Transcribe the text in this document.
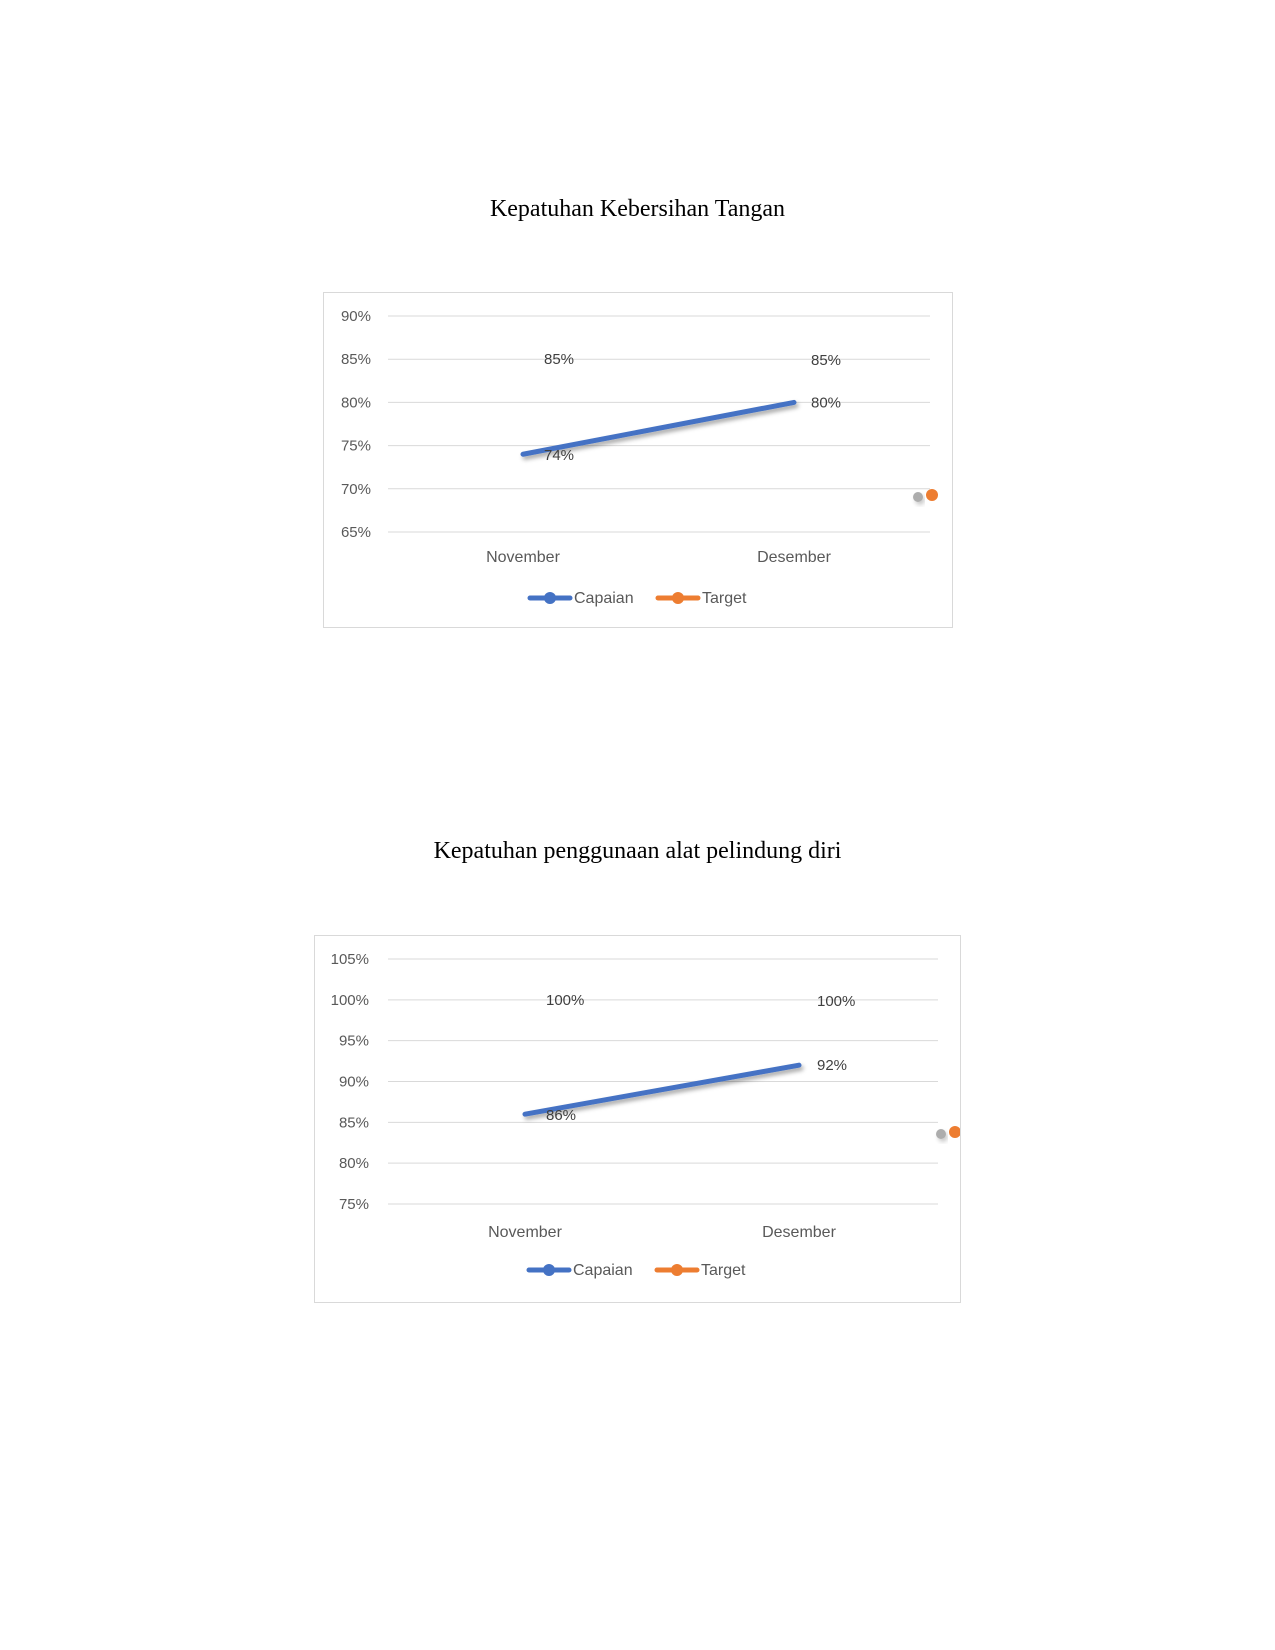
Kepatuhan Kebersihan Tangan
65%
70%
75%
80%
85%
90%
November	Desember
74%
80%
85%	85%
Capaian	Target
Kepatuhan penggunaan alat pelindung diri
75%
80%
85%
90%
95%
100%
105%
November	Desember
86%
92%
100%	100%
Capaian	Target
